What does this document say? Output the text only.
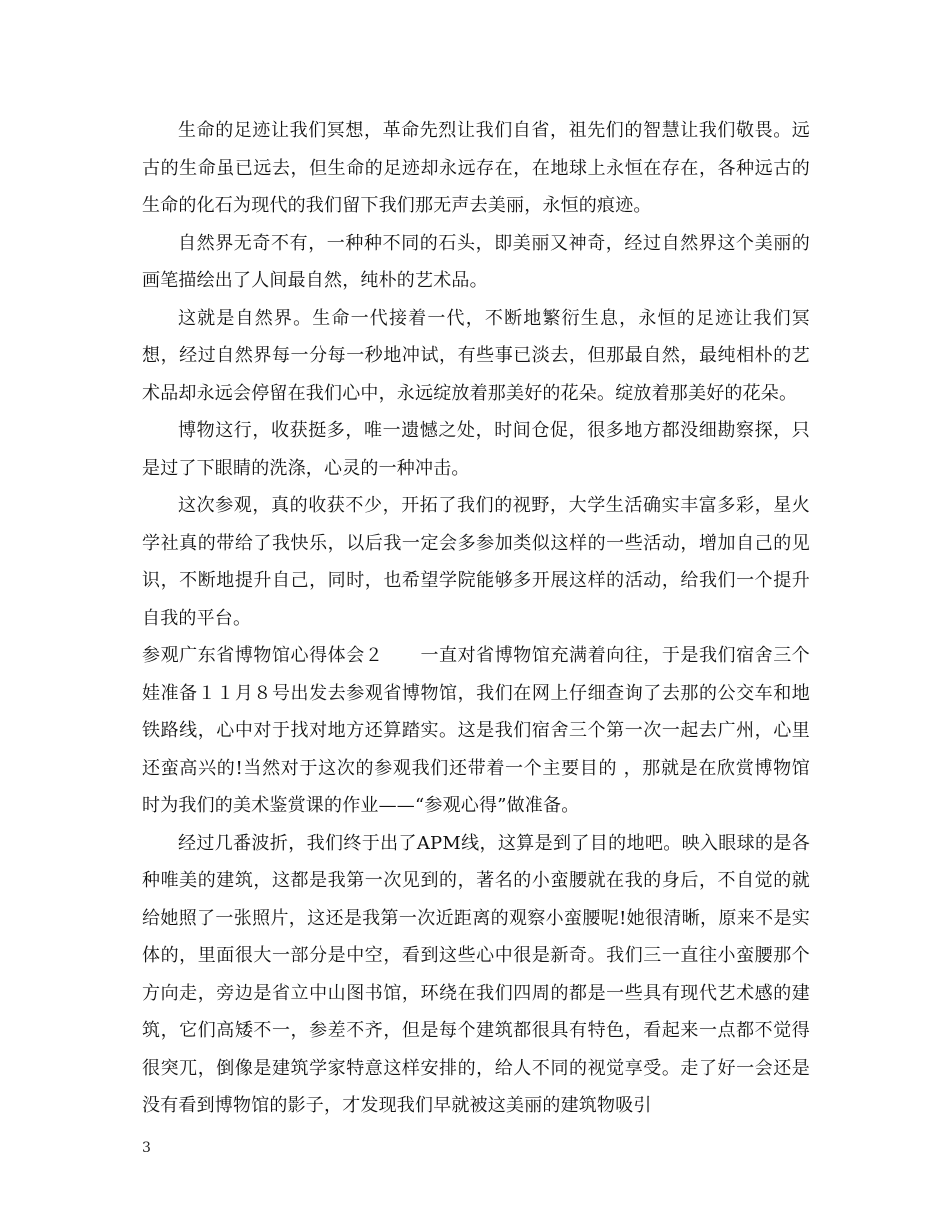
生命的足迹让我们冥想，革命先烈让我们自省，祖先们的智慧让我们敬畏。远古的生命虽已远去，但生命的足迹却永远存在，在地球上永恒在存在，各种远古的生命的化石为现代的我们留下我们那无声去美丽，永恒的痕迹。

自然界无奇不有，一种种不同的石头，即美丽又神奇，经过自然界这个美丽的画笔描绘出了人间最自然，纯朴的艺术品。

这就是自然界。生命一代接着一代，不断地繁衍生息，永恒的足迹让我们冥想，经过自然界每一分每一秒地冲试，有些事已淡去，但那最自然，最纯相朴的艺术品却永远会停留在我们心中，永远绽放着那美好的花朵。绽放着那美好的花朵。

博物这行，收获挺多，唯一遗憾之处，时间仓促，很多地方都没细勘察探，只是过了下眼睛的洗涤，心灵的一种冲击。

这次参观，真的收获不少，开拓了我们的视野，大学生活确实丰富多彩，星火学社真的带给了我快乐，以后我一定会多参加类似这样的一些活动，增加自己的见识，不断地提升自己，同时，也希望学院能够多开展这样的活动，给我们一个提升自我的平台。

参观广东省博物馆心得体会２　　一直对省博物馆充满着向往，于是我们宿舍三个娃准备１１月８号出发去参观省博物馆，我们在网上仔细查询了去那的公交车和地铁路线，心中对于找对地方还算踏实。这是我们宿舍三个第一次一起去广州，心里还蛮高兴的!当然对于这次的参观我们还带着一个主要目的 ，那就是在欣赏博物馆时为我们的美术鉴赏课的作业——“参观心得”做准备。

经过几番波折，我们终于出了APM线，这算是到了目的地吧。映入眼球的是各种唯美的建筑，这都是我第一次见到的，著名的小蛮腰就在我的身后，不自觉的就给她照了一张照片，这还是我第一次近距离的观察小蛮腰呢!她很清晰，原来不是实体的，里面很大一部分是中空，看到这些心中很是新奇。我们三一直往小蛮腰那个方向走，旁边是省立中山图书馆，环绕在我们四周的都是一些具有现代艺术感的建筑，它们高矮不一，参差不齐，但是每个建筑都很具有特色，看起来一点都不觉得很突兀，倒像是建筑学家特意这样安排的，给人不同的视觉享受。走了好一会还是没有看到博物馆的影子，才发现我们早就被这美丽的建筑物吸引

3
